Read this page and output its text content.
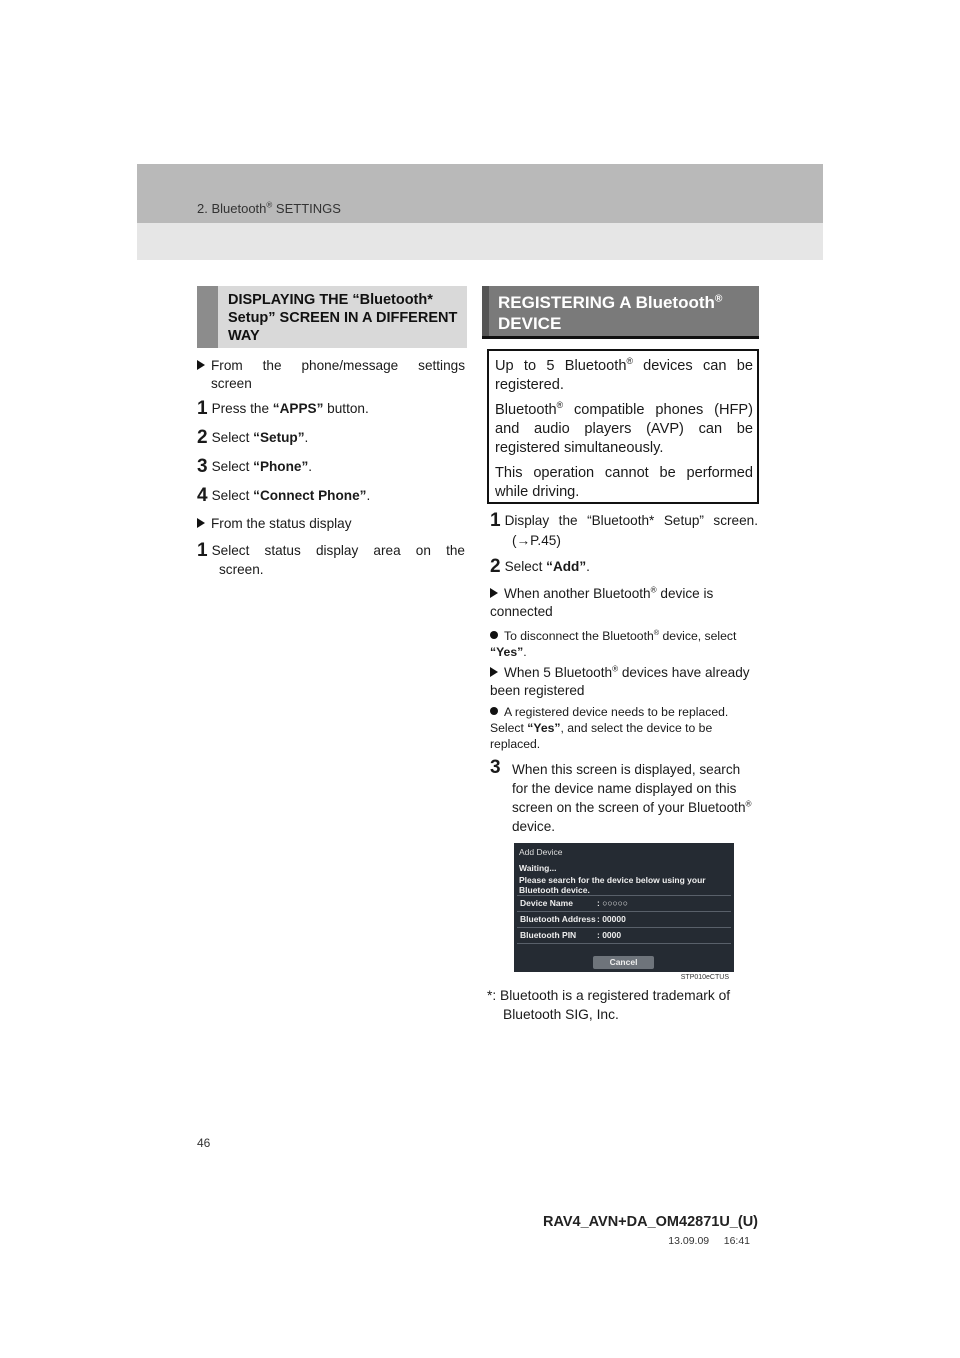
2. Bluetooth® SETTINGS
DISPLAYING THE “Bluetooth* Setup” SCREEN IN A DIFFERENT WAY
From the phone/message settings
screen
1 Press the “APPS” button.
2 Select “Setup”.
3 Select “Phone”.
4 Select “Connect Phone”.
From the status display
1 Select status display area on the
screen.
REGISTERING A Bluetooth®
DEVICE

Up to 5 Bluetooth® devices can be registered.

Bluetooth® compatible phones (HFP) and audio players (AVP) can be registered simultaneously.

This operation cannot be performed while driving.

1 Display the “Bluetooth* Setup” screen.
(→P.45)
2 Select “Add”.
When another Bluetooth® device is connected
To disconnect the Bluetooth® device, select “Yes”.
When 5 Bluetooth® devices have already been registered
A registered device needs to be replaced. Select “Yes”, and select the device to be replaced.
3 When this screen is displayed, search for the device name displayed on this screen on the screen of your Bluetooth® device.
Add Device
Waiting...
Please search for the device below using your Bluetooth device.
Device Name	: ○○○○○
Bluetooth Address : 00000
Bluetooth PIN : 0000
Cancel
STP010eCTUS
*: Bluetooth is a registered trademark of Bluetooth SIG, Inc.
46
RAV4_AVN+DA_OM42871U_(U)
13.09.09     16:41
